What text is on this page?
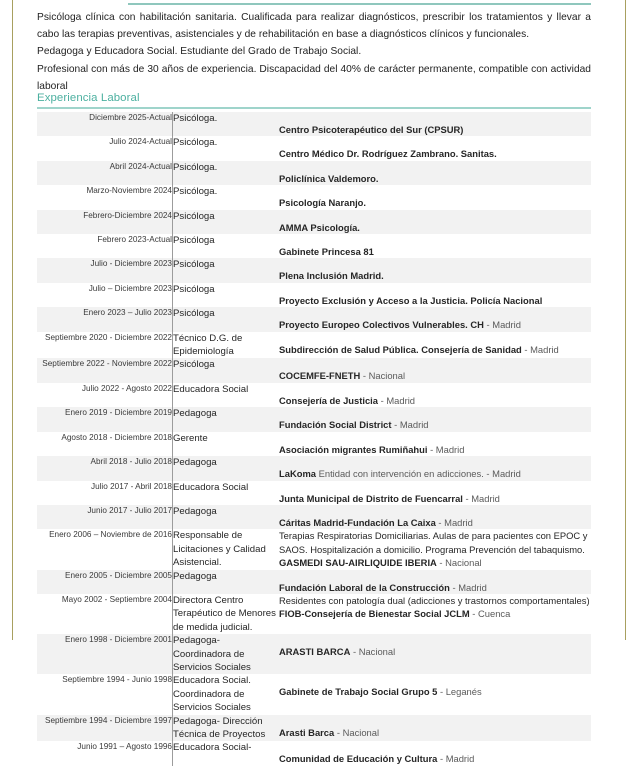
Psicóloga clínica con habilitación sanitaria. Cualificada para realizar diagnósticos, prescribir los tratamientos y llevar a cabo las terapias preventivas, asistenciales y de rehabilitación en base a diagnósticos clínicos y funcionales.

Pedagoga y Educadora Social. Estudiante del Grado de Trabajo Social.

Profesional con más de 30 años de experiencia. Discapacidad del 40% de carácter permanente, compatible con actividad laboral

Experiencia Laboral
Diciembre 2025-Actual	Psicóloga.	Centro Psicoterapéutico del Sur (CPSUR)
Julio 2024-Actual	Psicóloga.	Centro Médico Dr. Rodríguez Zambrano. Sanitas.
Abril 2024-Actual	Psicóloga.	Policlínica Valdemoro.
Marzo-Noviembre 2024	Psicóloga.	Psicología Naranjo.
Febrero-Diciembre 2024	Psicóloga	AMMA Psicología.
Febrero 2023-Actual	Psicóloga	Gabinete Princesa 81
Julio - Diciembre 2023	Psicóloga	Plena Inclusión Madrid.
Julio – Diciembre 2023	Psicóloga	Proyecto Exclusión y Acceso a la Justicia. Policía Nacional
Enero 2023 – Julio 2023	Psicóloga	Proyecto Europeo Colectivos Vulnerables. CH - Madrid
Septiembre 2020 - Diciembre 2022	Técnico D.G. de Epidemiología	Subdirección de Salud Pública. Consejería de Sanidad - Madrid
Septiembre 2022 - Noviembre 2022	Psicóloga	COCEMFE-FNETH - Nacional
Julio 2022 - Agosto 2022	Educadora Social	Consejería de Justicia - Madrid
Enero 2019 - Diciembre 2019	Pedagoga	Fundación Social District - Madrid
Agosto 2018 - Diciembre 2018	Gerente	Asociación migrantes Rumiñahui - Madrid
Abril 2018 - Julio 2018	Pedagoga	LaKoma Entidad con intervención en adicciones. - Madrid
Julio 2017 - Abril 2018	Educadora Social	Junta Municipal de Distrito de Fuencarral - Madrid
Junio 2017 - Julio 2017	Pedagoga	Cáritas Madrid-Fundación La Caixa - Madrid
Enero 2006 – Noviembre de 2016	Responsable de Licitaciones y Calidad Asistencial.	Terapias Respiratorias Domiciliarias. Aulas de para pacientes con EPOC y SAOS. Hospitalización a domicilio. Programa Prevención del tabaquismo.
GASMEDI SAU-AIRLIQUIDE IBERIA - Nacional
Enero 2005 - Diciembre 2005	Pedagoga	Fundación Laboral de la Construcción - Madrid
Mayo 2002 - Septiembre 2004	Directora Centro Terapéutico de Menores de medida judicial.	Residentes con patología dual (adicciones y trastornos comportamentales)
FIOB-Consejería de Bienestar Social JCLM - Cuenca
Enero 1998 - Diciembre 2001	Pedagoga- Coordinadora de Servicios Sociales	ARASTI BARCA - Nacional
Septiembre 1994 - Junio 1998	Educadora Social. Coordinadora de Servicios Sociales	Gabinete de Trabajo Social Grupo 5 - Leganés
Septiembre 1994 - Diciembre 1997	Pedagoga- Dirección Técnica de Proyectos	Arasti Barca - Nacional
Junio 1991 – Agosto 1996	Educadora Social-	Comunidad de Educación y Cultura - Madrid
